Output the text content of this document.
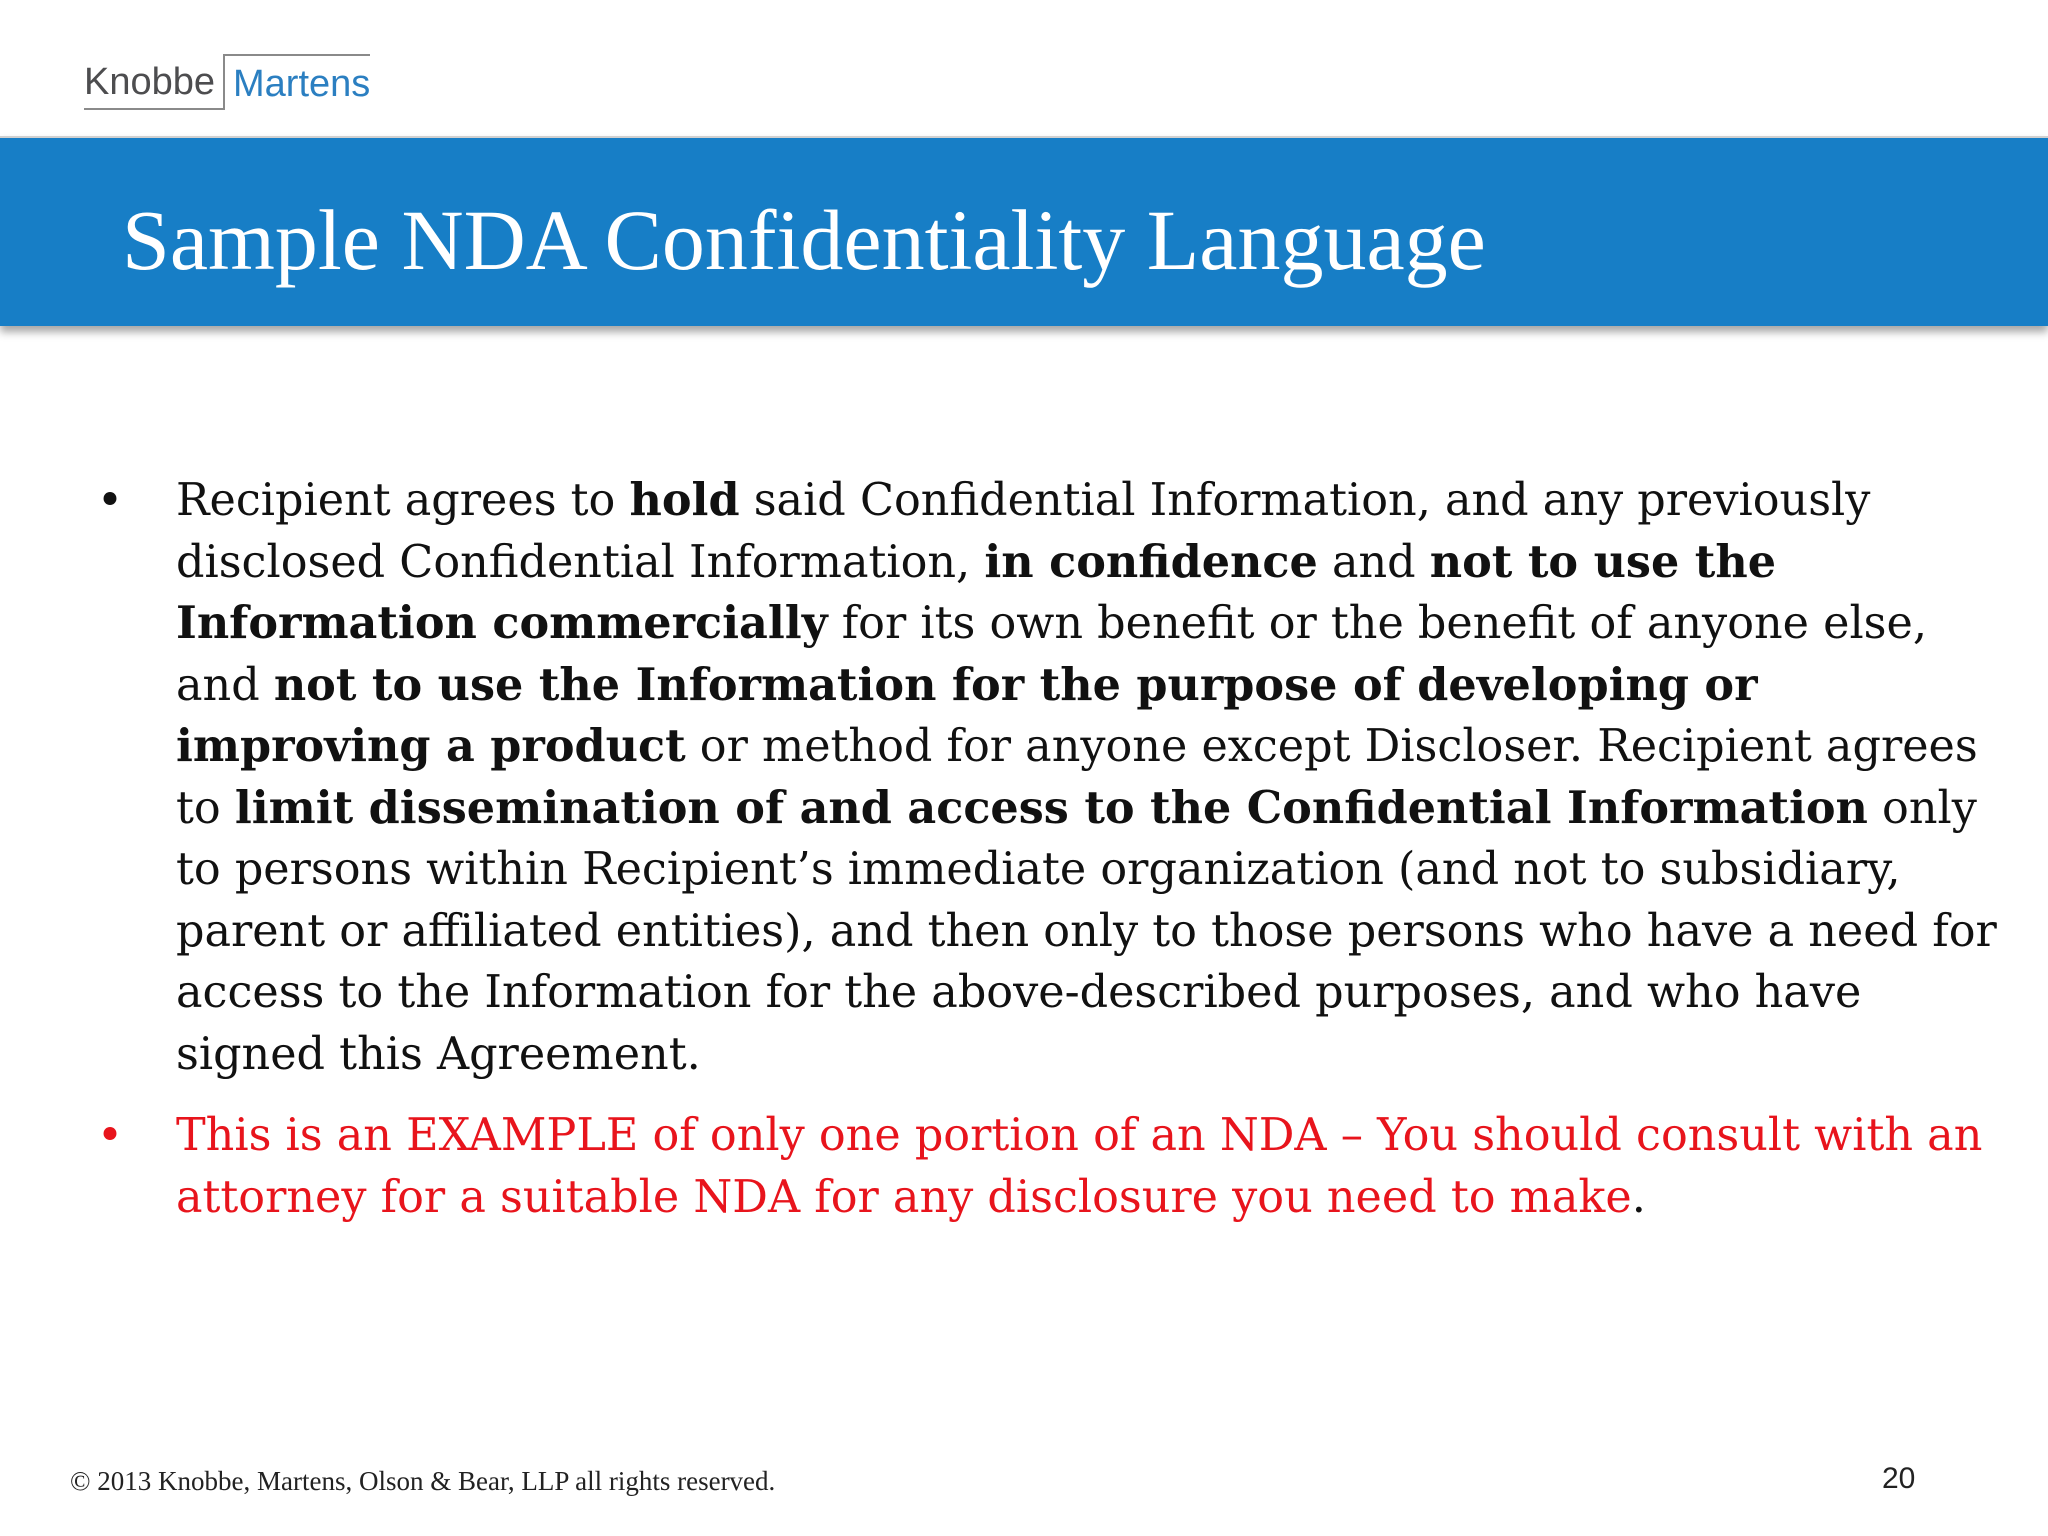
Knobbe Martens
Sample NDA Confidentiality Language
• Recipient agrees to hold said Confidential Information, and any previously disclosed Confidential Information, in confidence and not to use the Information commercially for its own benefit or the benefit of anyone else, and not to use the Information for the purpose of developing or improving a product or method for anyone except Discloser. Recipient agrees to limit dissemination of and access to the Confidential Information only to persons within Recipient’s immediate organization (and not to subsidiary, parent or affiliated entities), and then only to those persons who have a need for access to the Information for the above-described purposes, and who have signed this Agreement.
• This is an EXAMPLE of only one portion of an NDA – You should consult with an attorney for a suitable NDA for any disclosure you need to make.
© 2013 Knobbe, Martens, Olson & Bear, LLP all rights reserved.	20
